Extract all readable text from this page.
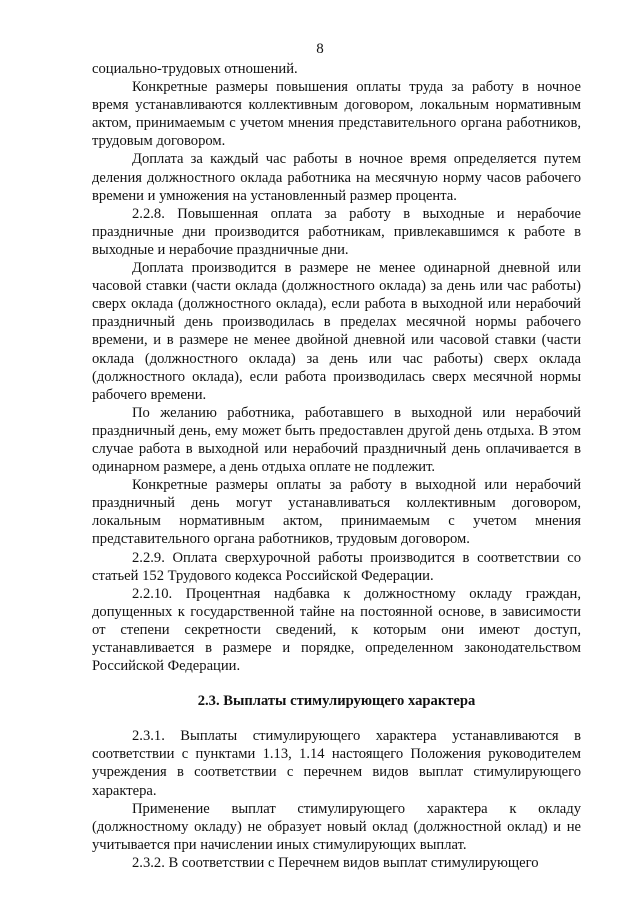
8

социально-трудовых отношений.

Конкретные размеры повышения оплаты труда за работу в ночное время устанавливаются коллективным договором, локальным нормативным актом, принимаемым с учетом мнения представительного органа работников, трудовым договором.

Доплата за каждый час работы в ночное время определяется путем деления должностного оклада работника на месячную норму часов рабочего времени и умножения на установленный размер процента.

2.2.8. Повышенная оплата за работу в выходные и нерабочие праздничные дни производится работникам, привлекавшимся к работе в выходные и нерабочие праздничные дни.

Доплата производится в размере не менее одинарной дневной или часовой ставки (части оклада (должностного оклада) за день или час работы) сверх оклада (должностного оклада), если работа в выходной или нерабочий праздничный день производилась в пределах месячной нормы рабочего времени, и в размере не менее двойной дневной или часовой ставки (части оклада (должностного оклада) за день или час работы) сверх оклада (должностного оклада), если работа производилась сверх месячной нормы рабочего времени.

По желанию работника, работавшего в выходной или нерабочий праздничный день, ему может быть предоставлен другой день отдыха. В этом случае работа в выходной или нерабочий праздничный день оплачивается в одинарном размере, а день отдыха оплате не подлежит.

Конкретные размеры оплаты за работу в выходной или нерабочий праздничный день могут устанавливаться коллективным договором, локальным нормативным актом, принимаемым с учетом мнения представительного органа работников, трудовым договором.

2.2.9. Оплата сверхурочной работы производится в соответствии со статьей 152 Трудового кодекса Российской Федерации.

2.2.10. Процентная надбавка к должностному окладу граждан, допущенных к государственной тайне на постоянной основе, в зависимости от степени секретности сведений, к которым они имеют доступ, устанавливается в размере и порядке, определенном законодательством Российской Федерации.

2.3. Выплаты стимулирующего характера

2.3.1. Выплаты стимулирующего характера устанавливаются в соответствии с пунктами 1.13, 1.14 настоящего Положения руководителем учреждения в соответствии с перечнем видов выплат стимулирующего характера.

Применение выплат стимулирующего характера к окладу (должностному окладу) не образует новый оклад (должностной оклад) и не учитывается при начислении иных стимулирующих выплат.

2.3.2. В соответствии с Перечнем видов выплат стимулирующего
